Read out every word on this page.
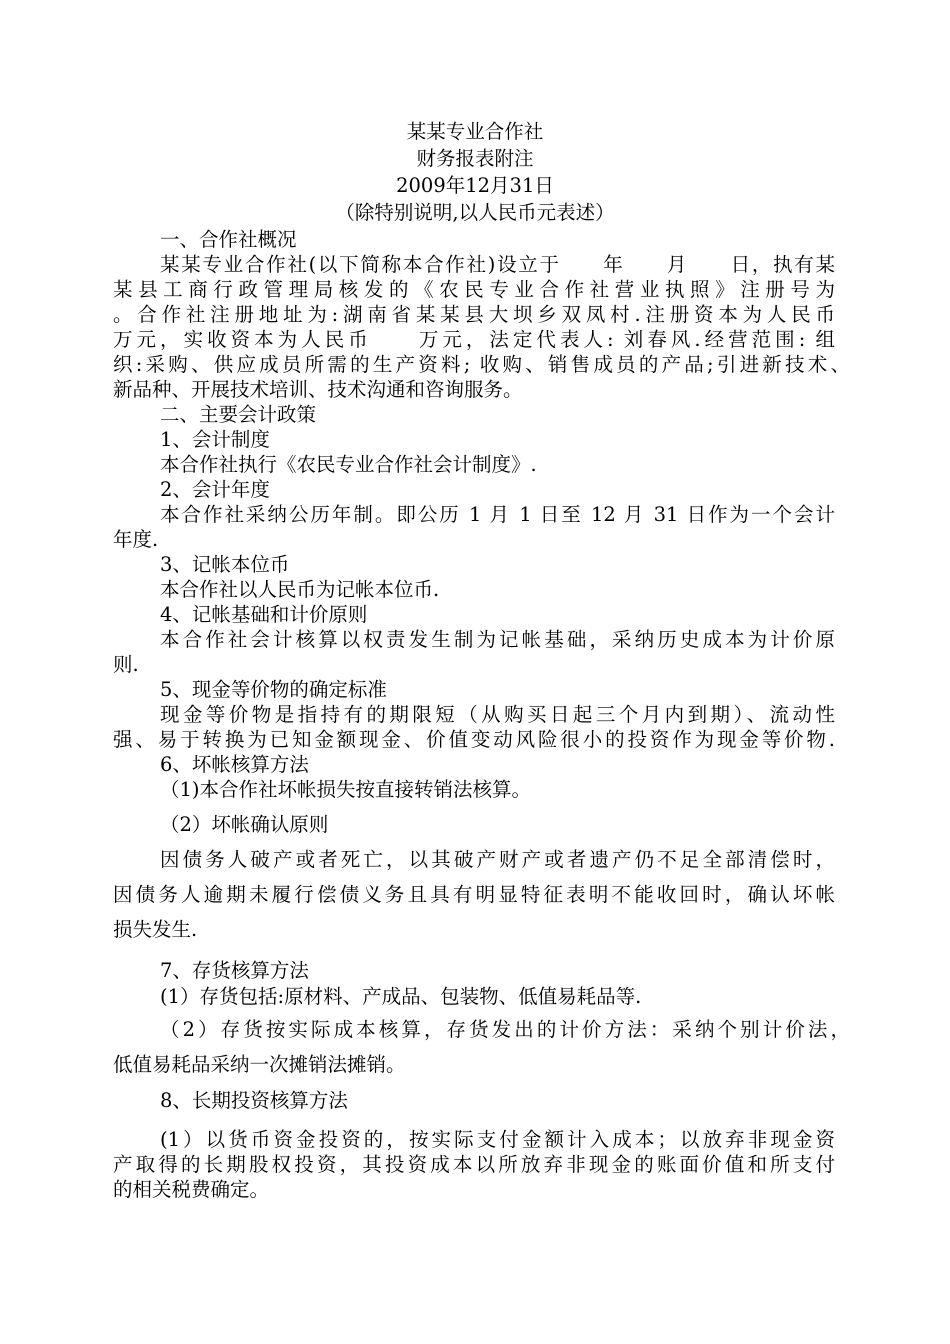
某某专业合作社
财务报表附注
2009年12月31日
（除特别说明,以人民币元表述）
一、合作社概况
某某专业合作社(以下简称本合作社)设立于　　年　　月　　日，执有某
某县工商行政管理局核发的《农民专业合作社营业执照》注册号为
。合作社注册地址为:湖南省某某县大坝乡双凤村.注册资本为人民币
万元，实收资本为人民币　　万元，法定代表人: 刘春风.经营范围: 组
织:采购、供应成员所需的生产资料; 收购、销售成员的产品;引进新技术、
新品种、开展技术培训、技术沟通和咨询服务。
二、主要会计政策
1、会计制度
本合作社执行《农民专业合作社会计制度》.
2、会计年度
本合作社采纳公历年制。即公历 1 月 1 日至 12 月 31 日作为一个会计
年度.
3、记帐本位币
本合作社以人民币为记帐本位币.
4、记帐基础和计价原则
本合作社会计核算以权责发生制为记帐基础，采纳历史成本为计价原
则.
5、现金等价物的确定标准
现金等价物是指持有的期限短（从购买日起三个月内到期）、流动性
强、易于转换为已知金额现金、价值变动风险很小的投资作为现金等价物.
6、坏帐核算方法
（1)本合作社坏帐损失按直接转销法核算。
（2）坏帐确认原则
因债务人破产或者死亡，以其破产财产或者遗产仍不足全部清偿时，
因债务人逾期未履行偿债义务且具有明显特征表明不能收回时，确认坏帐
损失发生.
7、存货核算方法
(1）存货包括:原材料、产成品、包装物、低值易耗品等.
（2）存货按实际成本核算，存货发出的计价方法：采纳个别计价法，
低值易耗品采纳一次摊销法摊销。
8、长期投资核算方法
(1）以货币资金投资的，按实际支付金额计入成本；以放弃非现金资
产取得的长期股权投资，其投资成本以所放弃非现金的账面价值和所支付
的相关税费确定。
